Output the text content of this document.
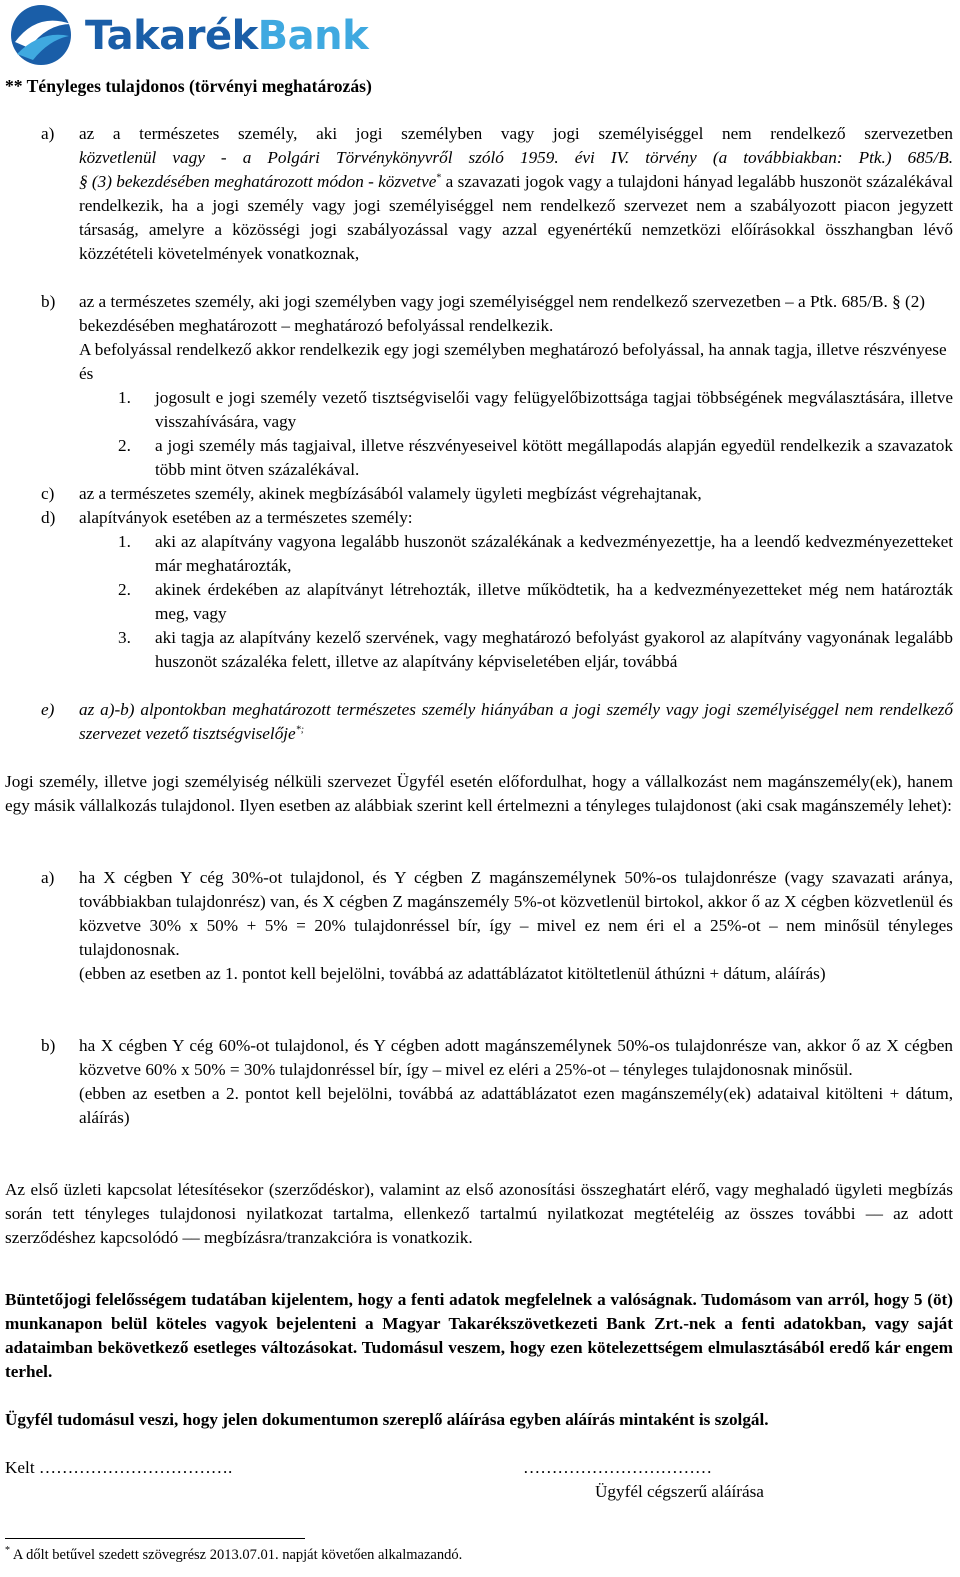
TakarékBank
** Tényleges tulajdonos (törvényi meghatározás)
a) az a természetes személy, aki jogi személyben vagy jogi személyiséggel nem rendelkező szervezetben

közvetlenül vagy - a Polgári Törvénykönyvről szóló 1959. évi IV. törvény (a továbbiakban: Ptk.) 685/B.

§ (3) bekezdésében meghatározott módon - közvetve* a szavazati jogok vagy a tulajdoni hányad legalább huszonöt százalékával rendelkezik, ha a jogi személy vagy jogi személyiséggel nem rendelkező szervezet nem a szabályozott piacon jegyzett társaság, amelyre a közösségi jogi szabályozással vagy azzal egyenértékű nemzetközi előírásokkal összhangban lévő közzétételi követelmények vonatkoznak,

b) az a természetes személy, aki jogi személyben vagy jogi személyiséggel nem rendelkező szervezetben – a Ptk. 685/B. § (2) bekezdésében meghatározott – meghatározó befolyással rendelkezik.

A befolyással rendelkező akkor rendelkezik egy jogi személyben meghatározó befolyással, ha annak tagja, illetve részvényese és

1. jogosult e jogi személy vezető tisztségviselői vagy felügyelőbizottsága tagjai többségének megválasztására, illetve visszahívására, vagy
2. a jogi személy más tagjaival, illetve részvényeseivel kötött megállapodás alapján egyedül rendelkezik a szavazatok több mint ötven százalékával.
c) az a természetes személy, akinek megbízásából valamely ügyleti megbízást végrehajtanak,
d) alapítványok esetében az a természetes személy:
1. aki az alapítvány vagyona legalább huszonöt százalékának a kedvezményezettje, ha a leendő kedvezményezetteket már meghatározták,
2. akinek érdekében az alapítványt létrehozták, illetve működtetik, ha a kedvezményezetteket még nem határozták meg, vagy
3. aki tagja az alapítvány kezelő szervének, vagy meghatározó befolyást gyakorol az alapítvány vagyonának legalább huszonöt százaléka felett, illetve az alapítvány képviseletében eljár, továbbá
e) az a)-b) alpontokban meghatározott természetes személy hiányában a jogi személy vagy jogi személyiséggel nem rendelkező szervezet vezető tisztségviselője*;
Jogi személy, illetve jogi személyiség nélküli szervezet Ügyfél esetén előfordulhat, hogy a vállalkozást nem magánszemély(ek), hanem egy másik vállalkozás tulajdonol. Ilyen esetben az alábbiak szerint kell értelmezni a tényleges tulajdonost (aki csak magánszemély lehet):
a) ha X cégben Y cég 30%-ot tulajdonol, és Y cégben Z magánszemélynek 50%-os tulajdonrésze (vagy szavazati aránya, továbbiakban tulajdonrész) van, és X cégben Z magánszemély 5%-ot közvetlenül birtokol, akkor ő az X cégben közvetlenül és közvetve 30% x 50% + 5% = 20% tulajdonréssel bír, így – mivel ez nem éri el a 25%-ot – nem minősül tényleges tulajdonosnak.

(ebben az esetben az 1. pontot kell bejelölni, továbbá az adattáblázatot kitöltetlenül áthúzni + dátum, aláírás)

b) ha X cégben Y cég 60%-ot tulajdonol, és Y cégben adott magánszemélynek 50%-os tulajdonrésze van, akkor ő az X cégben közvetve 60% x 50% = 30% tulajdonréssel bír, így – mivel ez eléri a 25%-ot – tényleges tulajdonosnak minősül.

(ebben az esetben a 2. pontot kell bejelölni, továbbá az adattáblázatot ezen magánszemély(ek) adataival kitölteni + dátum, aláírás)

Az első üzleti kapcsolat létesítésekor (szerződéskor), valamint az első azonosítási összeghatárt elérő, vagy meghaladó ügyleti megbízás során tett tényleges tulajdonosi nyilatkozat tartalma, ellenkező tartalmú nyilatkozat megtételéig az összes további –– az adott szerződéshez kapcsolódó –– megbízásra/tranzakcióra is vonatkozik.
Büntetőjogi felelősségem tudatában kijelentem, hogy a fenti adatok megfelelnek a valóságnak. Tudomásom van arról, hogy 5 (öt) munkanapon belül köteles vagyok bejelenteni a Magyar Takarékszövetkezeti Bank Zrt.-nek a fenti adatokban, vagy saját adataimban bekövetkező esetleges változásokat. Tudomásul veszem, hogy ezen kötelezettségem elmulasztásából eredő kár engem terhel.
Ügyfél tudomásul veszi, hogy jelen dokumentumon szereplő aláírása egyben aláírás mintaként is szolgál.
Kelt …………………………….	……………………………
Ügyfél cégszerű aláírása
* A dőlt betűvel szedett szövegrész 2013.07.01. napját követően alkalmazandó.
